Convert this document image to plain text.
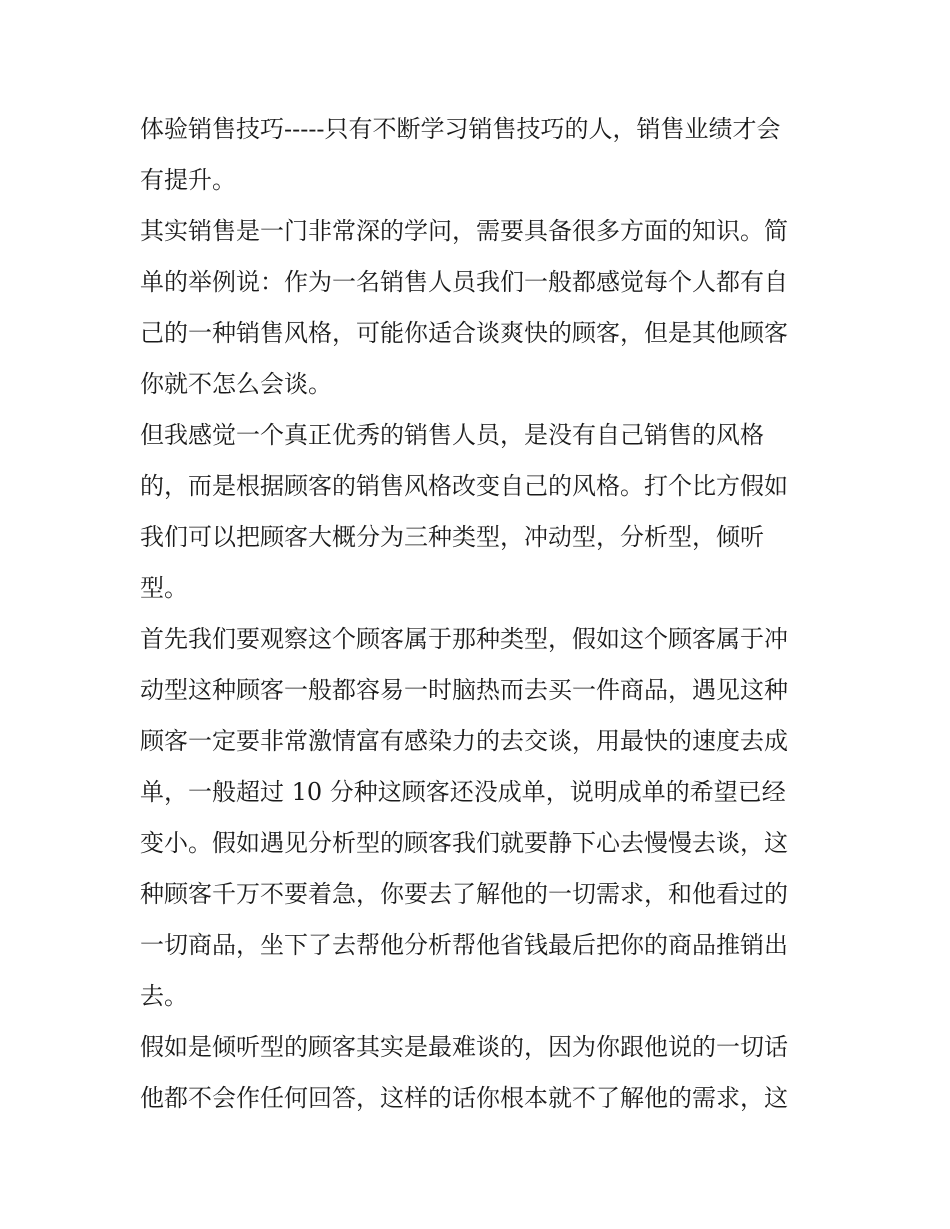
体验销售技巧-----只有不断学习销售技巧的人，销售业绩才会
有提升。
其实销售是一门非常深的学问，需要具备很多方面的知识。简
单的举例说：作为一名销售人员我们一般都感觉每个人都有自
己的一种销售风格，可能你适合谈爽快的顾客，但是其他顾客
你就不怎么会谈。
但我感觉一个真正优秀的销售人员，是没有自己销售的风格
的，而是根据顾客的销售风格改变自己的风格。打个比方假如
我们可以把顾客大概分为三种类型，冲动型，分析型，倾听
型。
首先我们要观察这个顾客属于那种类型，假如这个顾客属于冲
动型这种顾客一般都容易一时脑热而去买一件商品，遇见这种
顾客一定要非常激情富有感染力的去交谈，用最快的速度去成
单，一般超过 10 分种这顾客还没成单，说明成单的希望已经
变小。假如遇见分析型的顾客我们就要静下心去慢慢去谈，这
种顾客千万不要着急，你要去了解他的一切需求，和他看过的
一切商品，坐下了去帮他分析帮他省钱最后把你的商品推销出
去。
假如是倾听型的顾客其实是最难谈的，因为你跟他说的一切话
他都不会作任何回答，这样的话你根本就不了解他的需求，这
